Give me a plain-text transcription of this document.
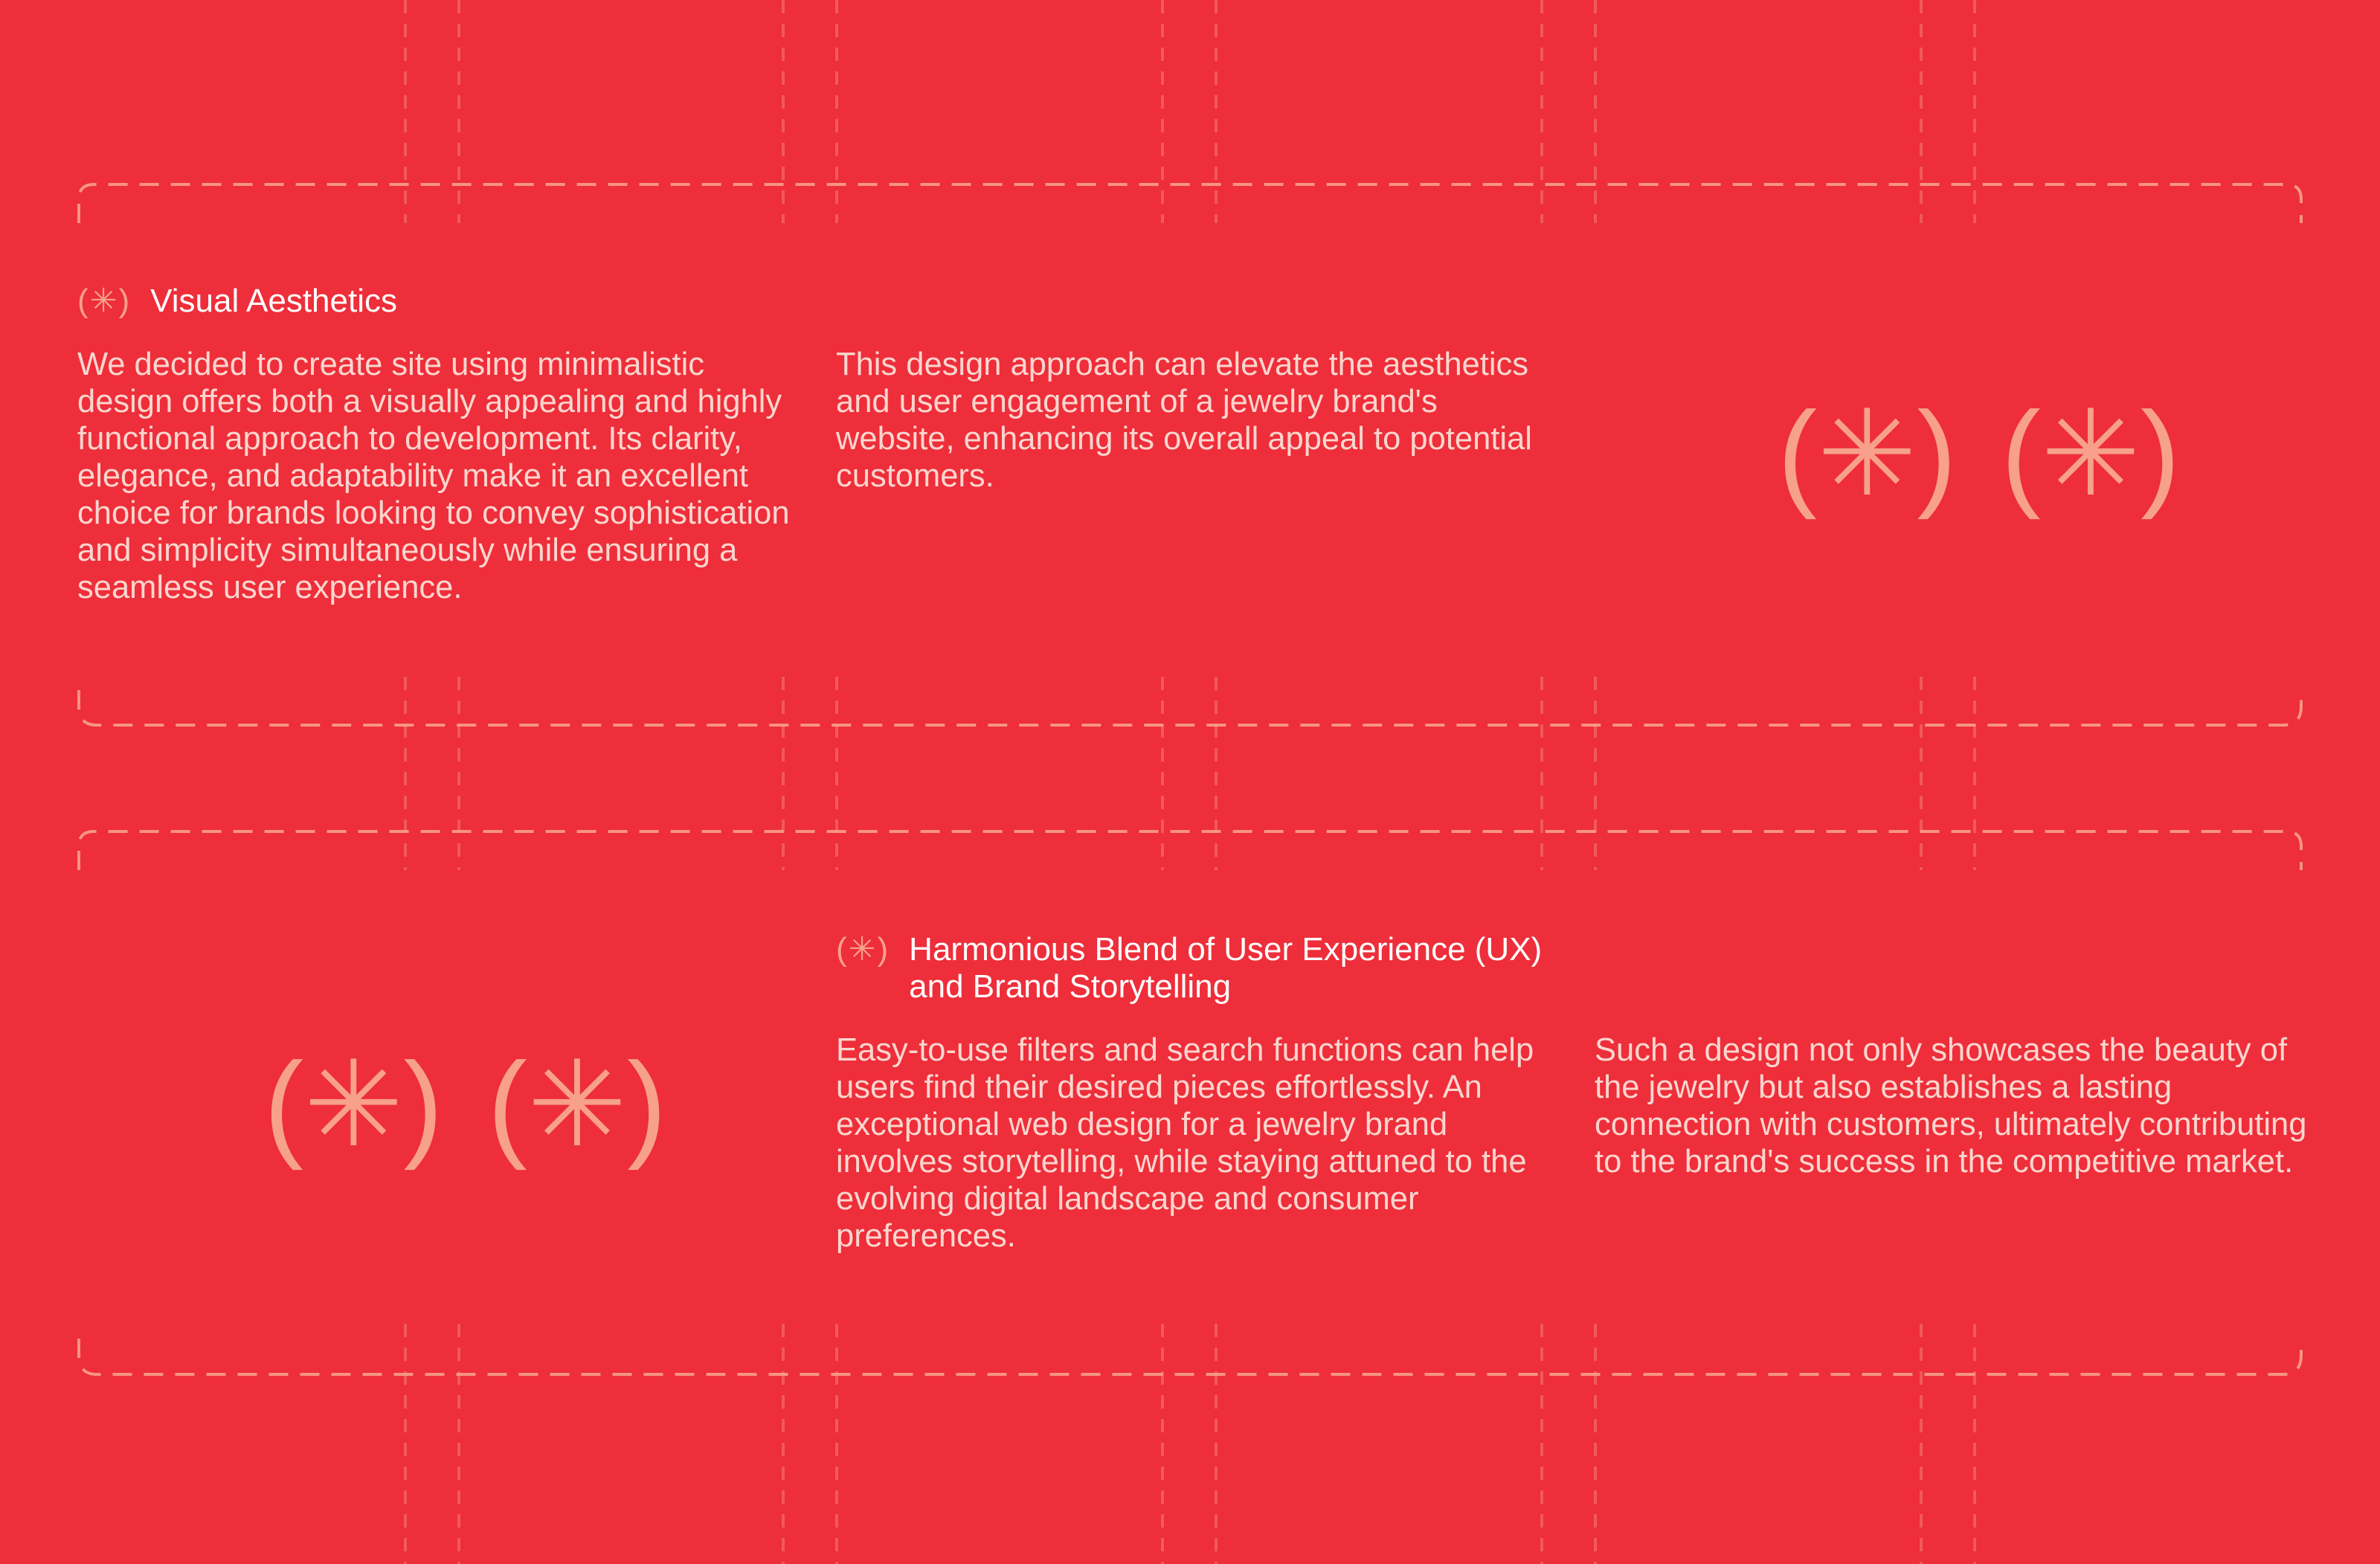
(✳) Visual Aesthetics

We decided to create site using minimalistic design offers both a visually appealing and highly functional approach to development. Its clarity, elegance, and adaptability make it an excellent choice for brands looking to convey sophistication and simplicity simultaneously while ensuring a seamless user experience.

This design approach can elevate the aesthetics and user engagement of a jewelry brand's website, enhancing its overall appeal to potential customers.	(✳) (✳)
(✳) Harmonious Blend of User Experience (UX) and Brand Storytelling
(✳) (✳)	Easy-to-use filters and search functions can help users find their desired pieces effortlessly. An exceptional web design for a jewelry brand involves storytelling, while staying attuned to the evolving digital landscape and consumer preferences.

Such a design not only showcases the beauty of the jewelry but also establishes a lasting connection with customers, ultimately contributing to the brand's success in the competitive market.
